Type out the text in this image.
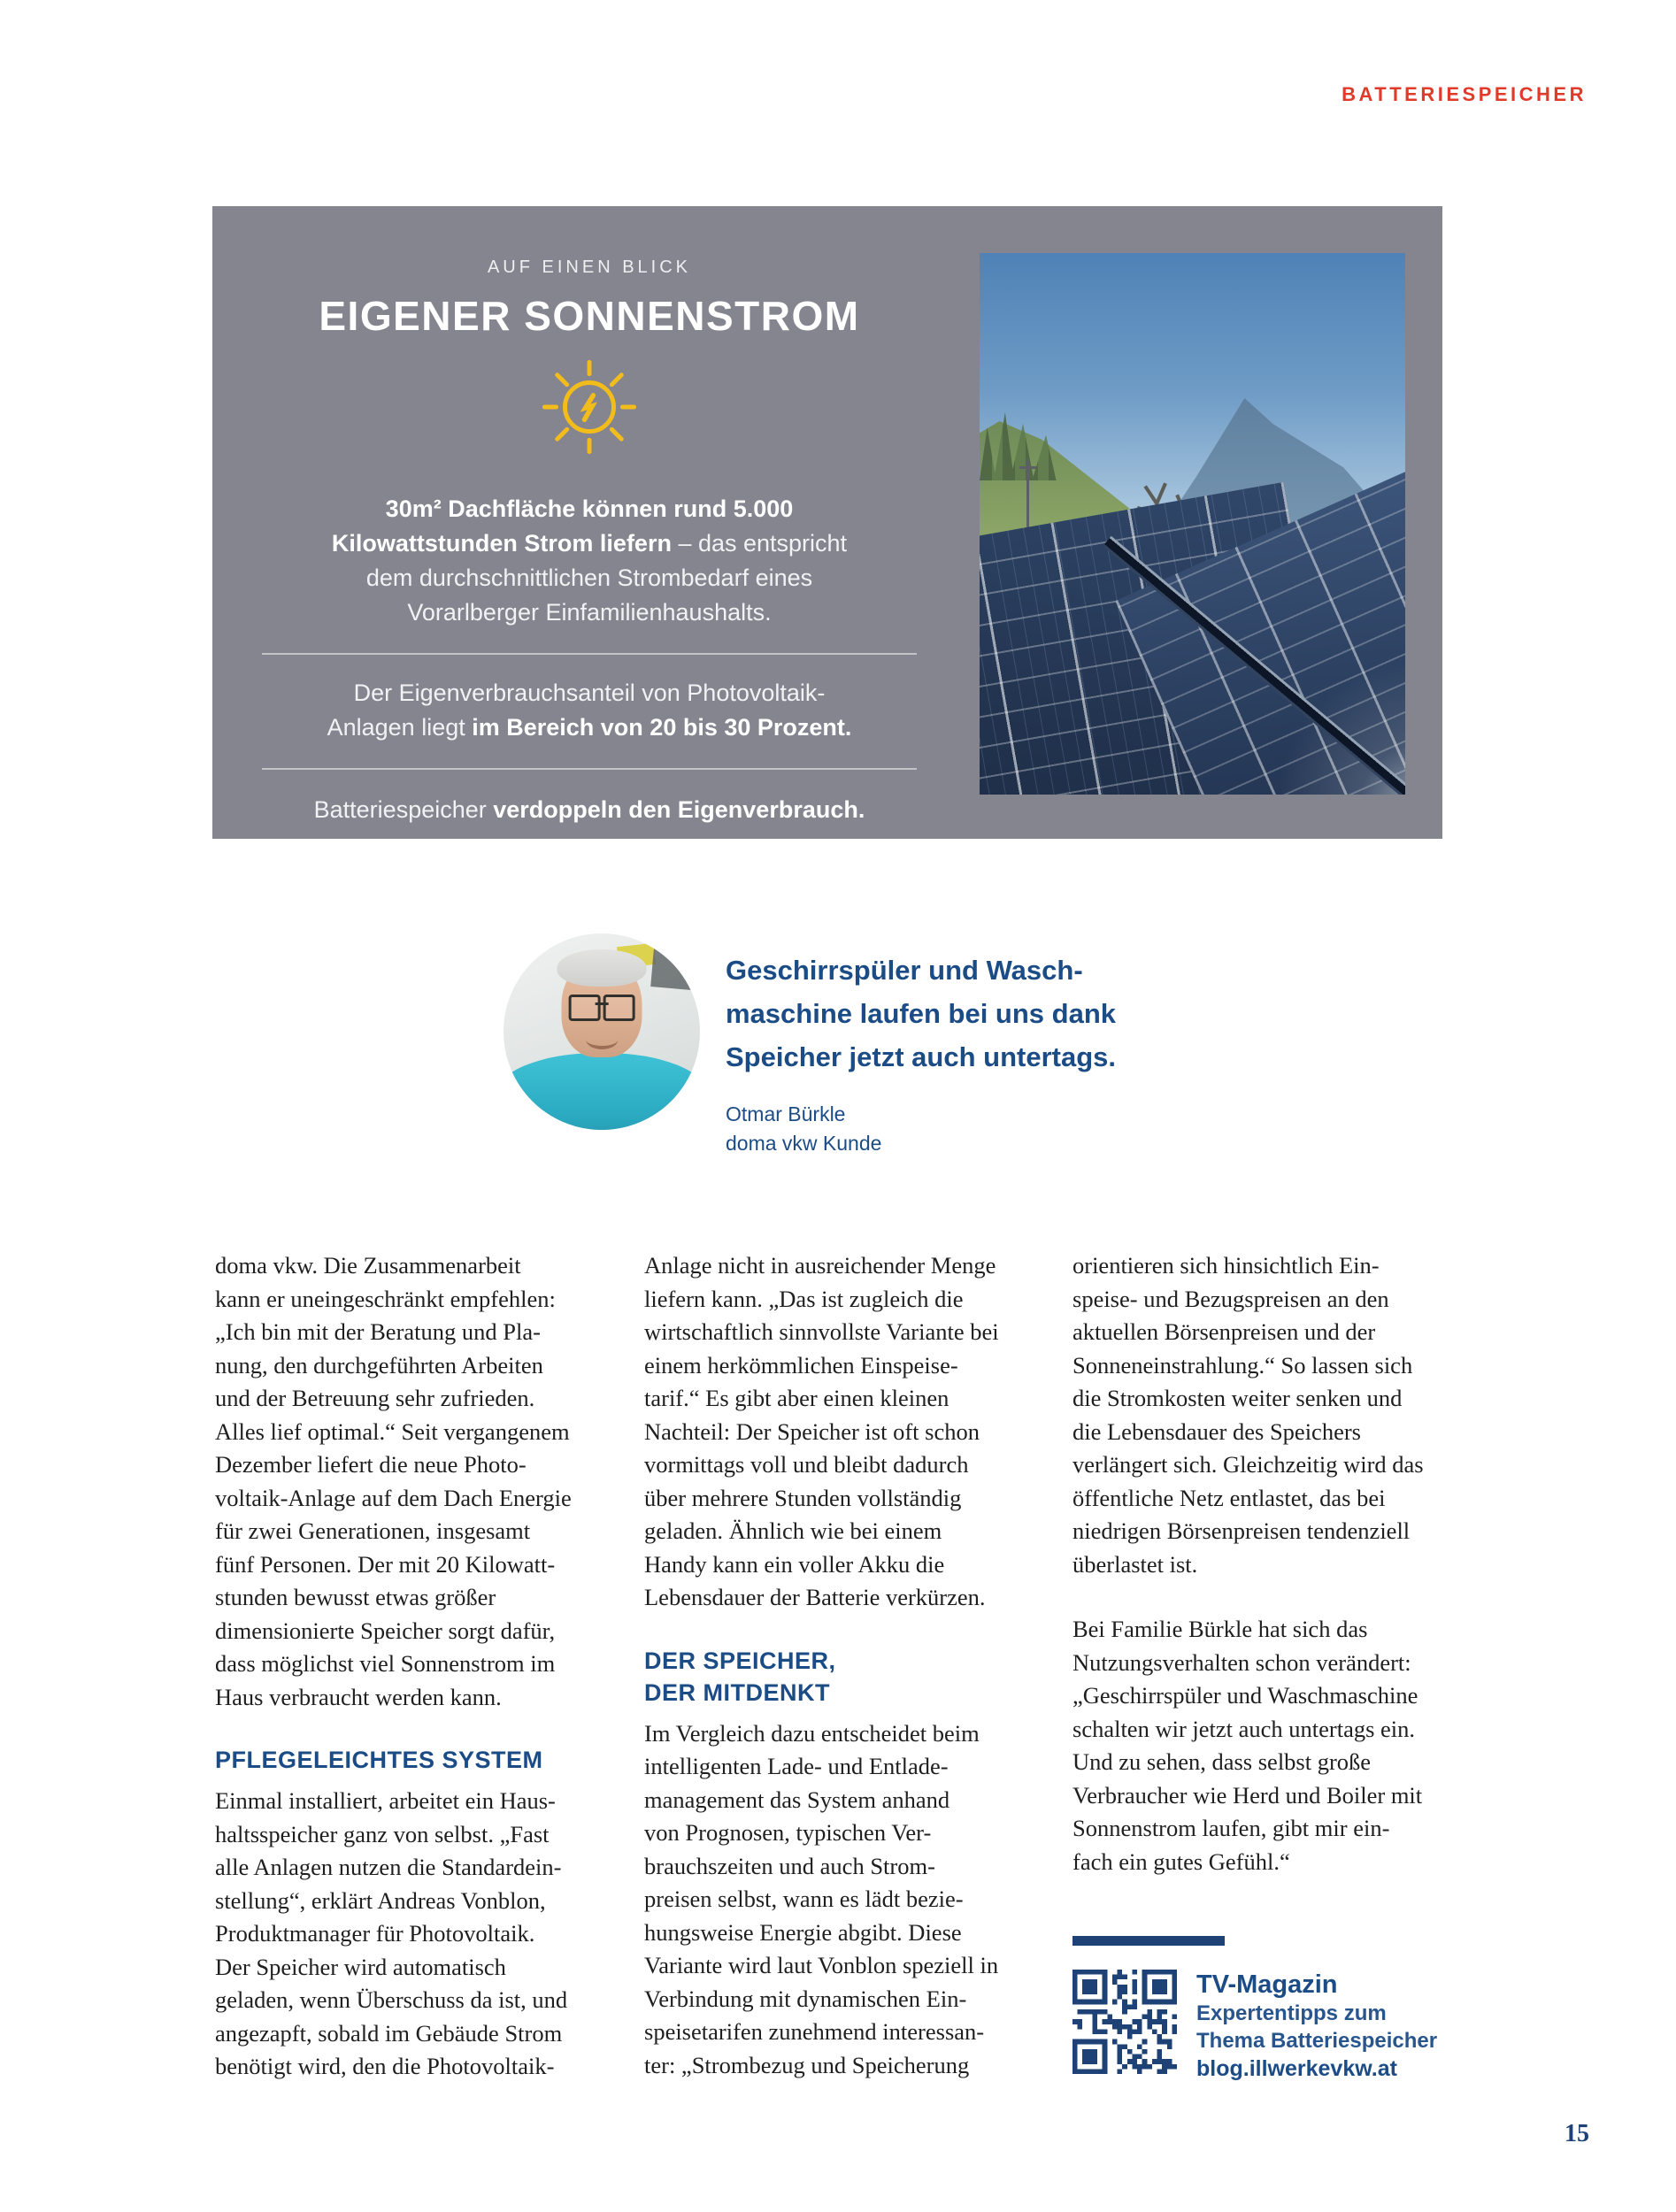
BATTERIESPEICHER
AUF EINEN BLICK
EIGENER SONNENSTROM
30m² Dachfläche können rund 5.000
Kilowattstunden Strom liefern – das entspricht
dem durchschnittlichen Strombedarf eines
Vorarlberger Einfamilienhaushalts.
Der Eigenverbrauchsanteil von Photovoltaik-
Anlagen liegt im Bereich von 20 bis 30 Prozent.
Batteriespeicher verdoppeln den Eigenverbrauch.
Geschirrspüler und Wasch-
maschine laufen bei uns dank
Speicher jetzt auch untertags.
Otmar Bürkle
doma vkw Kunde
doma vkw. Die Zusammenarbeit
kann er uneingeschränkt empfehlen:
„Ich bin mit der Beratung und Pla-
nung, den durchgeführten Arbeiten
und der Betreuung sehr zufrieden.
Alles lief optimal.“ Seit vergangenem
Dezember liefert die neue Photo-
voltaik-Anlage auf dem Dach Energie
für zwei Generationen, insgesamt
fünf Personen. Der mit 20 Kilowatt-
stunden bewusst etwas größer
dimensionierte Speicher sorgt dafür,
dass möglichst viel Sonnenstrom im
Haus verbraucht werden kann.
PFLEGELEICHTES SYSTEM
Einmal installiert, arbeitet ein Haus-
haltsspeicher ganz von selbst. „Fast
alle Anlagen nutzen die Standardein-
stellung“, erklärt Andreas Vonblon,
Produktmanager für Photovoltaik.
Der Speicher wird automatisch
geladen, wenn Überschuss da ist, und
angezapft, sobald im Gebäude Strom
benötigt wird, den die Photovoltaik-
Anlage nicht in ausreichender Menge
liefern kann. „Das ist zugleich die
wirtschaftlich sinnvollste Variante bei
einem herkömmlichen Einspeise-
tarif.“ Es gibt aber einen kleinen
Nachteil: Der Speicher ist oft schon
vormittags voll und bleibt dadurch
über mehrere Stunden vollständig
geladen. Ähnlich wie bei einem
Handy kann ein voller Akku die
Lebensdauer der Batterie verkürzen.
DER SPEICHER,
DER MITDENKT
Im Vergleich dazu entscheidet beim
intelligenten Lade- und Entlade-
management das System anhand
von Prognosen, typischen Ver-
brauchszeiten und auch Strom-
preisen selbst, wann es lädt bezie-
hungsweise Energie abgibt. Diese
Variante wird laut Vonblon speziell in
Verbindung mit dynamischen Ein-
speisetarifen zunehmend interessan-
ter: „Strombezug und Speicherung
orientieren sich hinsichtlich Ein-
speise- und Bezugspreisen an den
aktuellen Börsenpreisen und der
Sonneneinstrahlung.“ So lassen sich
die Stromkosten weiter senken und
die Lebensdauer des Speichers
verlängert sich. Gleichzeitig wird das
öffentliche Netz entlastet, das bei
niedrigen Börsenpreisen tendenziell
überlastet ist.
Bei Familie Bürkle hat sich das
Nutzungsverhalten schon verändert:
„Geschirrspüler und Waschmaschine
schalten wir jetzt auch untertags ein.
Und zu sehen, dass selbst große
Verbraucher wie Herd und Boiler mit
Sonnenstrom laufen, gibt mir ein-
fach ein gutes Gefühl.“
TV-Magazin
Expertentipps zum
Thema Batteriespeicher
blog.illwerkevkw.at
15
